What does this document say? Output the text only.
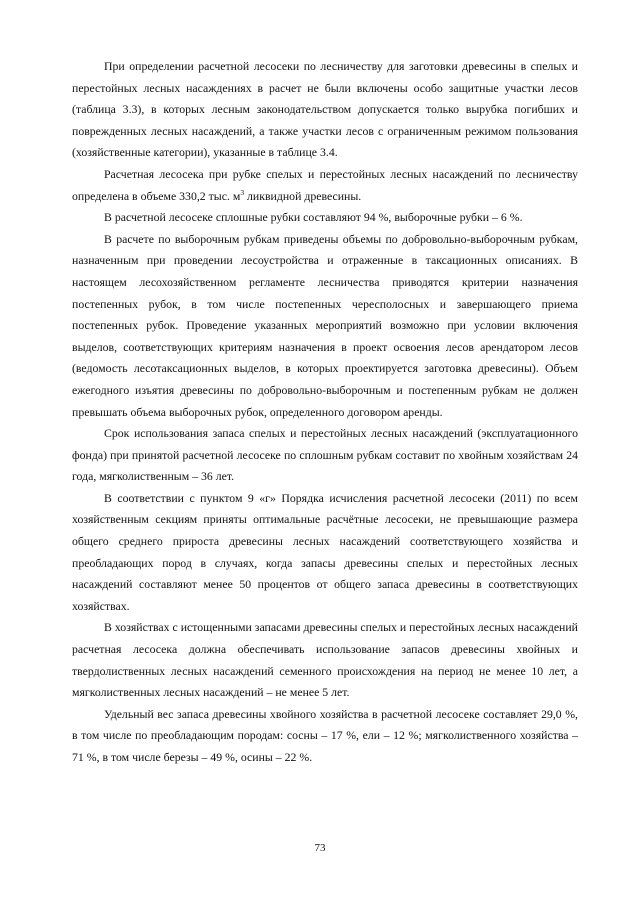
При определении расчетной лесосеки по лесничеству для заготовки древесины в спелых и перестойных лесных насаждениях в расчет не были включены особо защитные участки лесов (таблица 3.3), в которых лесным законодательством допускается только вырубка погибших и поврежденных лесных насаждений, а также участки лесов с ограниченным режимом пользования (хозяйственные категории), указанные в таблице 3.4.

Расчетная лесосека при рубке спелых и перестойных лесных насаждений по лесничеству определена в объеме 330,2 тыс. $м^3$ ликвидной древесины.

В расчетной лесосеке сплошные рубки составляют 94 %, выборочные рубки – 6 %.

В расчете по выборочным рубкам приведены объемы по добровольно-выборочным рубкам, назначенным при проведении лесоустройства и отраженные в таксационных описаниях. В настоящем лесохозяйственном регламенте лесничества приводятся критерии назначения постепенных рубок, в том числе постепенных чересполосных и завершающего приема постепенных рубок. Проведение указанных мероприятий возможно при условии включения выделов, соответствующих критериям назначения в проект освоения лесов арендатором лесов (ведомость лесотаксационных выделов, в которых проектируется заготовка древесины). Объем ежегодного изъятия древесины по добровольно-выборочным и постепенным рубкам не должен превышать объема выборочных рубок, определенного договором аренды.

Срок использования запаса спелых и перестойных лесных насаждений (эксплуатационного фонда) при принятой расчетной лесосеке по сплошным рубкам составит по хвойным хозяйствам 24 года, мягколиственным – 36 лет.

В соответствии с пунктом 9 «г» Порядка исчисления расчетной лесосеки (2011) по всем хозяйственным секциям приняты оптимальные расчётные лесосеки, не превышающие размера общего среднего прироста древесины лесных насаждений соответствующего хозяйства и преобладающих пород в случаях, когда запасы древесины спелых и перестойных лесных насаждений составляют менее 50 процентов от общего запаса древесины в соответствующих хозяйствах.

В хозяйствах с истощенными запасами древесины спелых и перестойных лесных насаждений расчетная лесосека должна обеспечивать использование запасов древесины хвойных и твердолиственных лесных насаждений семенного происхождения на период не менее 10 лет, а мягколиственных лесных насаждений – не менее 5 лет.

Удельный вес запаса древесины хвойного хозяйства в расчетной лесосеке составляет 29,0 %, в том числе по преобладающим породам: сосны – 17 %, ели – 12 %; мягколиственного хозяйства – 71 %, в том числе березы – 49 %, осины – 22 %.

73
